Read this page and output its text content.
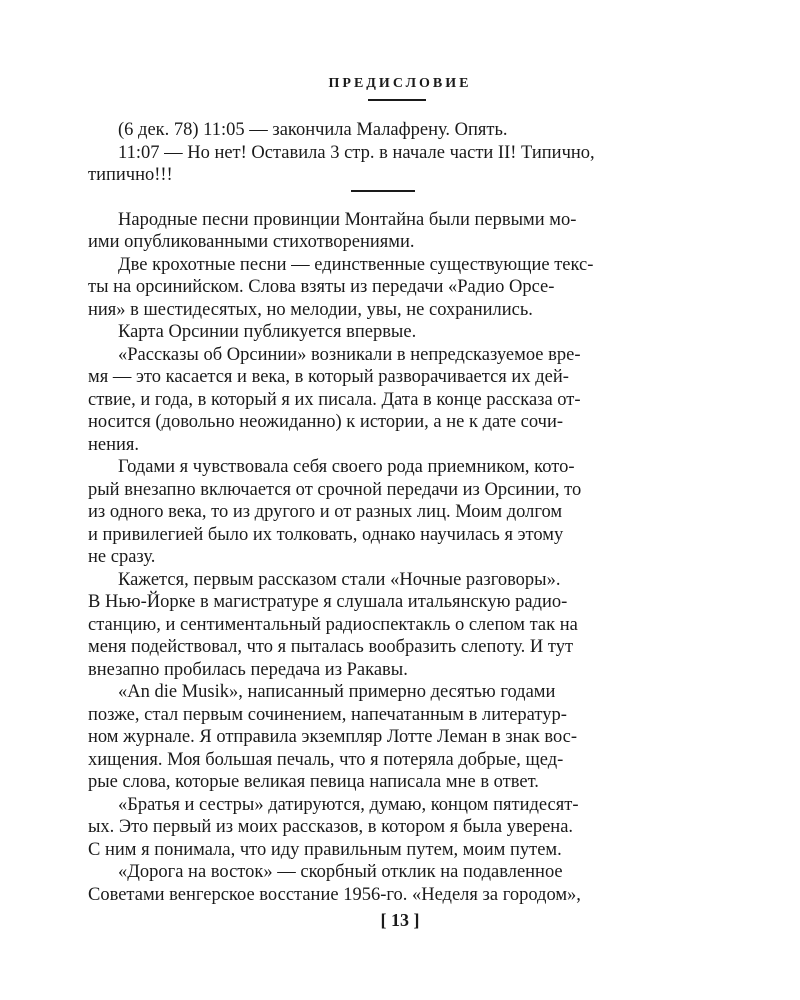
ПРЕДИСЛОВИЕ
(6 дек. 78) 11:05 — закончила Малафрену. Опять.
11:07 — Но нет! Оставила 3 стр. в начале части II! Типично,
типично!!!
Народные песни провинции Монтайна были первыми мо-
ими опубликованными стихотворениями.
Две крохотные песни — единственные существующие текс-
ты на орсинийском. Слова взяты из передачи «Радио Орсе-
ния» в шестидесятых, но мелодии, увы, не сохранились.
Карта Орсинии публикуется впервые.
«Рассказы об Орсинии» возникали в непредсказуемое вре-
мя — это касается и века, в который разворачивается их дей-
ствие, и года, в который я их писала. Дата в конце рассказа от-
носится (довольно неожиданно) к истории, а не к дате сочи-
нения.
Годами я чувствовала себя своего рода приемником, кото-
рый внезапно включается от срочной передачи из Орсинии, то
из одного века, то из другого и от разных лиц. Моим долгом
и привилегией было их толковать, однако научилась я этому
не сразу.
Кажется, первым рассказом стали «Ночные разговоры».
В Нью-Йорке в магистратуре я слушала итальянскую радио-
станцию, и сентиментальный радиоспектакль о слепом так на
меня подействовал, что я пыталась вообразить слепоту. И тут
внезапно пробилась передача из Ракавы.
«An die Musik», написанный примерно десятью годами
позже, стал первым сочинением, напечатанным в литератур-
ном журнале. Я отправила экземпляр Лотте Леман в знак вос-
хищения. Моя большая печаль, что я потеряла добрые, щед-
рые слова, которые великая певица написала мне в ответ.
«Братья и сестры» датируются, думаю, концом пятидесят-
ых. Это первый из моих рассказов, в котором я была уверена.
С ним я понимала, что иду правильным путем, моим путем.
«Дорога на восток» — скорбный отклик на подавленное
Советами венгерское восстание 1956-го. «Неделя за городом»,
[ 13 ]
